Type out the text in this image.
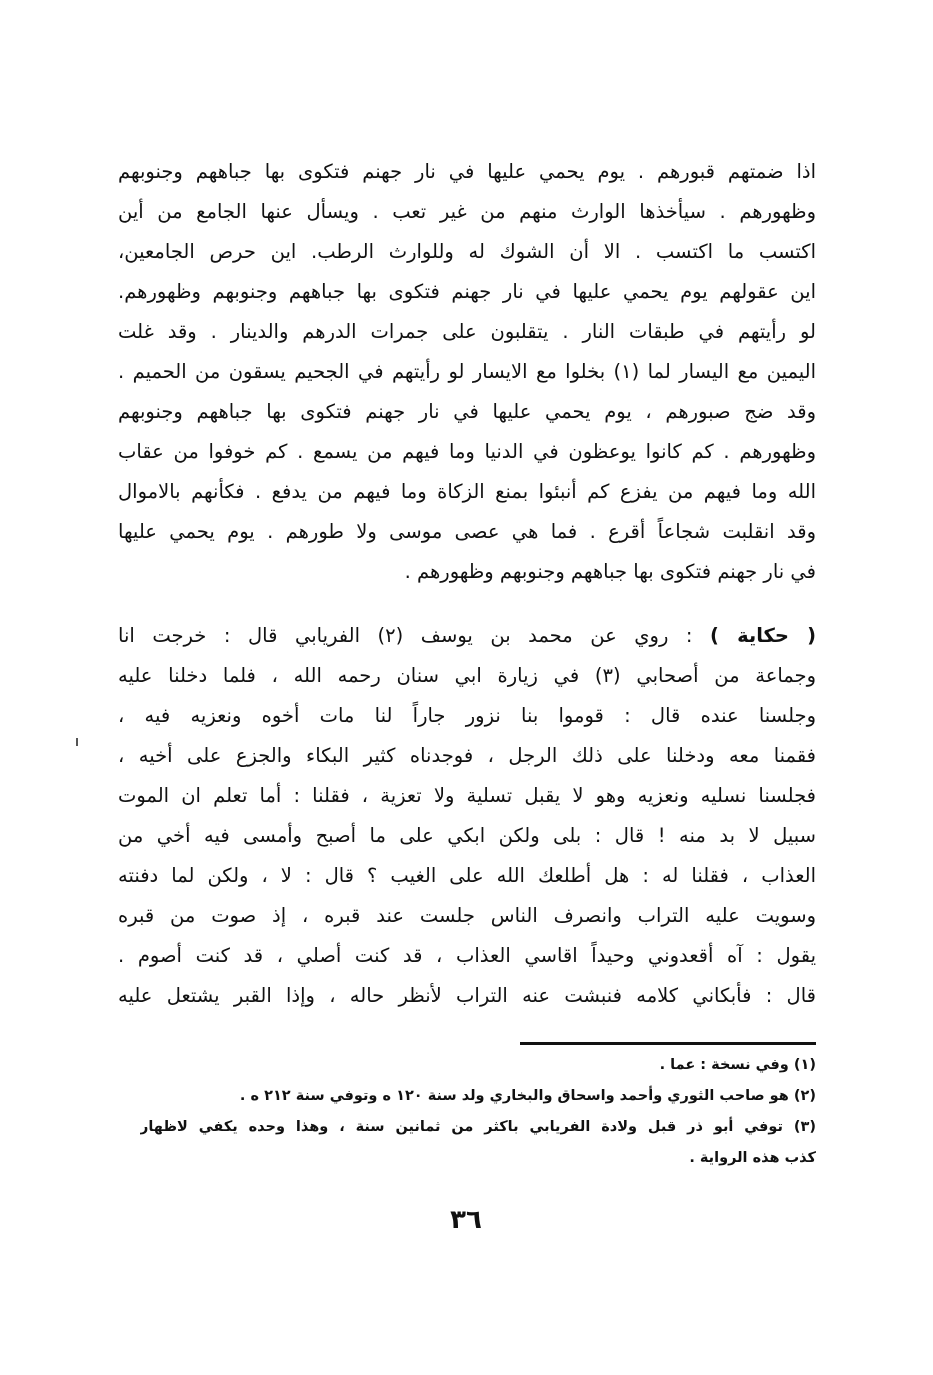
اذا ضمتهم قبورهم . يوم يحمي عليها في نار جهنم فتكوى بها جباههم وجنوبهم
وظهورهم . سيأخذها الوارث منهم من غير تعب . ويسأل عنها الجامع من أين
اكتسب ما اكتسب . الا أن الشوك له وللوارث الرطب. اين حرص الجامعين،
اين عقولهم يوم يحمي عليها في نار جهنم فتكوى بها جباههم وجنوبهم وظهورهم.
لو رأيتهم في طبقات النار . يتقلبون على جمرات الدرهم والدينار . وقد غلت
اليمين مع اليسار لما (١) بخلوا مع الايسار لو رأيتهم في الجحيم يسقون من الحميم .
وقد ضج صبورهم ، يوم يحمي عليها في نار جهنم فتكوى بها جباههم وجنوبهم
وظهورهم . كم كانوا يوعظون في الدنيا وما فيهم من يسمع . كم خوفوا من عقاب
الله وما فيهم من يفزع كم أنبئوا بمنع الزكاة وما فيهم من يدفع . فكأنهم بالاموال
وقد انقلبت شجاعاً أقرع . فما هي عصى موسى ولا طورهم . يوم يحمي عليها
في نار جهنم فتكوى بها جباههم وجنوبهم وظهورهم .
( حكاية ) : روي عن محمد بن يوسف (٢) الفريابي قال : خرجت انا
وجماعة من أصحابي (٣) في زيارة ابي سنان رحمه الله ، فلما دخلنا عليه
وجلسنا عنده قال : قوموا بنا نزور جاراً لنا مات أخوه ونعزيه فيه ،
فقمنا معه ودخلنا على ذلك الرجل ، فوجدناه كثير البكاء والجزع على أخيه ،
فجلسنا نسليه ونعزيه وهو لا يقبل تسلية ولا تعزية ، فقلنا : أما تعلم ان الموت
سبيل لا بد منه ! قال : بلى ولكن ابكي على ما أصبح وأمسى فيه أخي من
العذاب ، فقلنا له : هل أطلعك الله على الغيب ؟ قال : لا ، ولكن لما دفنته
وسويت عليه التراب وانصرف الناس جلست عند قبره ، إذ صوت من قبره
يقول : آه أقعدوني وحيداً اقاسي العذاب ، قد كنت أصلي ، قد كنت أصوم .
قال : فأبكاني كلامه فنبشت عنه التراب لأنظر حاله ، وإذا القبر يشتعل عليه
(١) وفي نسخة : عما .
(٢) هو صاحب الثوري وأحمد واسحاق والبخاري ولد سنة ١٢٠ ه وتوفي سنة ٢١٢ ه .
(٣) توفي أبو ذر قبل ولادة الفريابي باكثر من ثمانين سنة ، وهذا وحده يكفي لاظهار
كذب هذه الرواية .
٣٦
